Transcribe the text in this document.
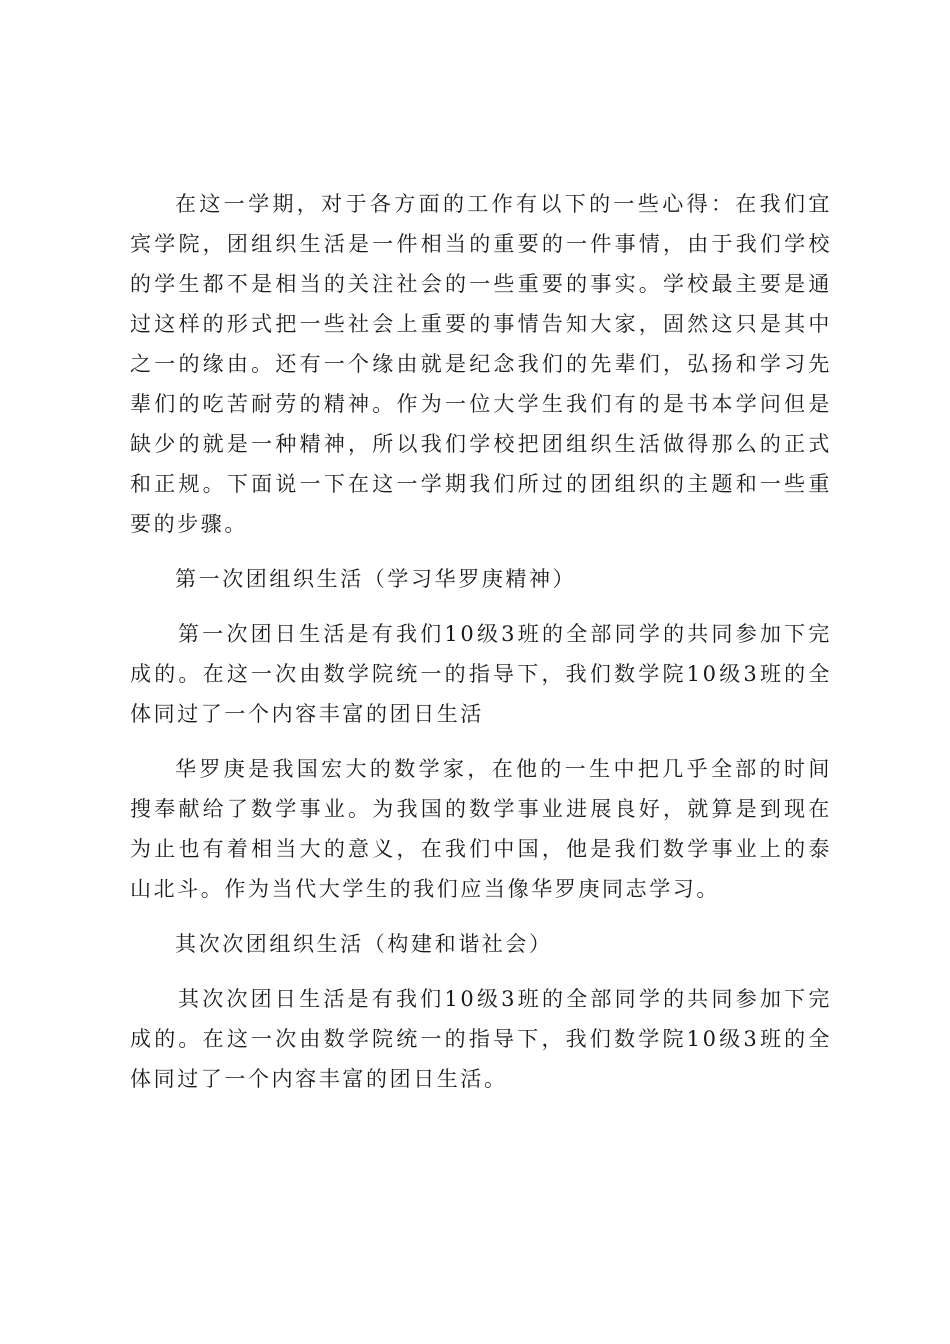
在这一学期，对于各方面的工作有以下的一些心得：在我们宜宾学院，团组织生活是一件相当的重要的一件事情，由于我们学校的学生都不是相当的关注社会的一些重要的事实。学校最主要是通过这样的形式把一些社会上重要的事情告知大家，固然这只是其中之一的缘由。还有一个缘由就是纪念我们的先辈们，弘扬和学习先辈们的吃苦耐劳的精神。作为一位大学生我们有的是书本学问但是缺少的就是一种精神，所以我们学校把团组织生活做得那么的正式和正规。下面说一下在这一学期我们所过的团组织的主题和一些重要的步骤。

第一次团组织生活（学习华罗庚精神）

第一次团日生活是有我们10级3班的全部同学的共同参加下完成的。在这一次由数学院统一的指导下，我们数学院10级3班的全体同过了一个内容丰富的团日生活

华罗庚是我国宏大的数学家，在他的一生中把几乎全部的时间搜奉献给了数学事业。为我国的数学事业进展良好，就算是到现在为止也有着相当大的意义，在我们中国，他是我们数学事业上的泰山北斗。作为当代大学生的我们应当像华罗庚同志学习。

其次次团组织生活（构建和谐社会）

其次次团日生活是有我们10级3班的全部同学的共同参加下完成的。在这一次由数学院统一的指导下，我们数学院10级3班的全体同过了一个内容丰富的团日生活。
